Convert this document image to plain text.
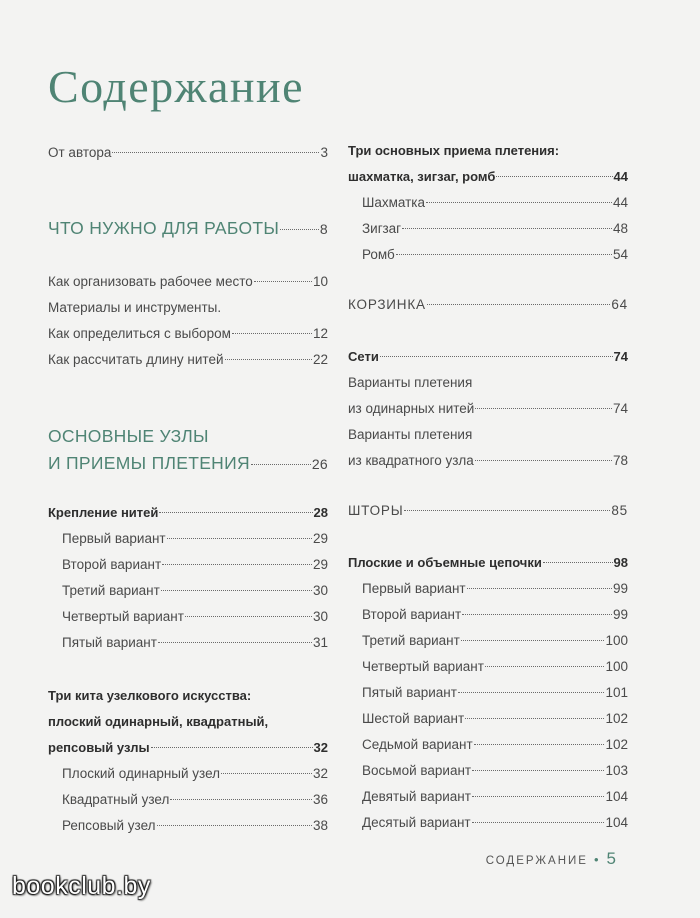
Содержание
От автора	3
ЧТО НУЖНО ДЛЯ РАБОТЫ	8
Как организовать рабочее место	10
Материалы и инструменты.
Как определиться с выбором	12
Как рассчитать длину нитей	22
ОСНОВНЫЕ УЗЛЫ
И ПРИЕМЫ ПЛЕТЕНИЯ	26
Крепление нитей	28
Первый вариант	29
Второй вариант	29
Третий вариант	30
Четвертый вариант	30
Пятый вариант	31
Три кита узелкового искусства:
плоский одинарный, квадратный,
репсовый узлы	32
Плоский одинарный узел	32
Квадратный узел	36
Репсовый узел	38
Три основных приема плетения:
шахматка, зигзаг, ромб	44
Шахматка	44
Зигзаг	48
Ромб	54
КОРЗИНКА	64
Сети	74
Варианты плетения
из одинарных нитей	74
Варианты плетения
из квадратного узла	78
ШТОРЫ	85
Плоские и объемные цепочки	98
Первый вариант	99
Второй вариант	99
Третий вариант	100
Четвертый вариант	100
Пятый вариант	101
Шестой вариант	102
Седьмой вариант	102
Восьмой вариант	103
Девятый вариант	104
Десятый вариант	104
СОДЕРЖАНИЕ • 5
bookclub.by
